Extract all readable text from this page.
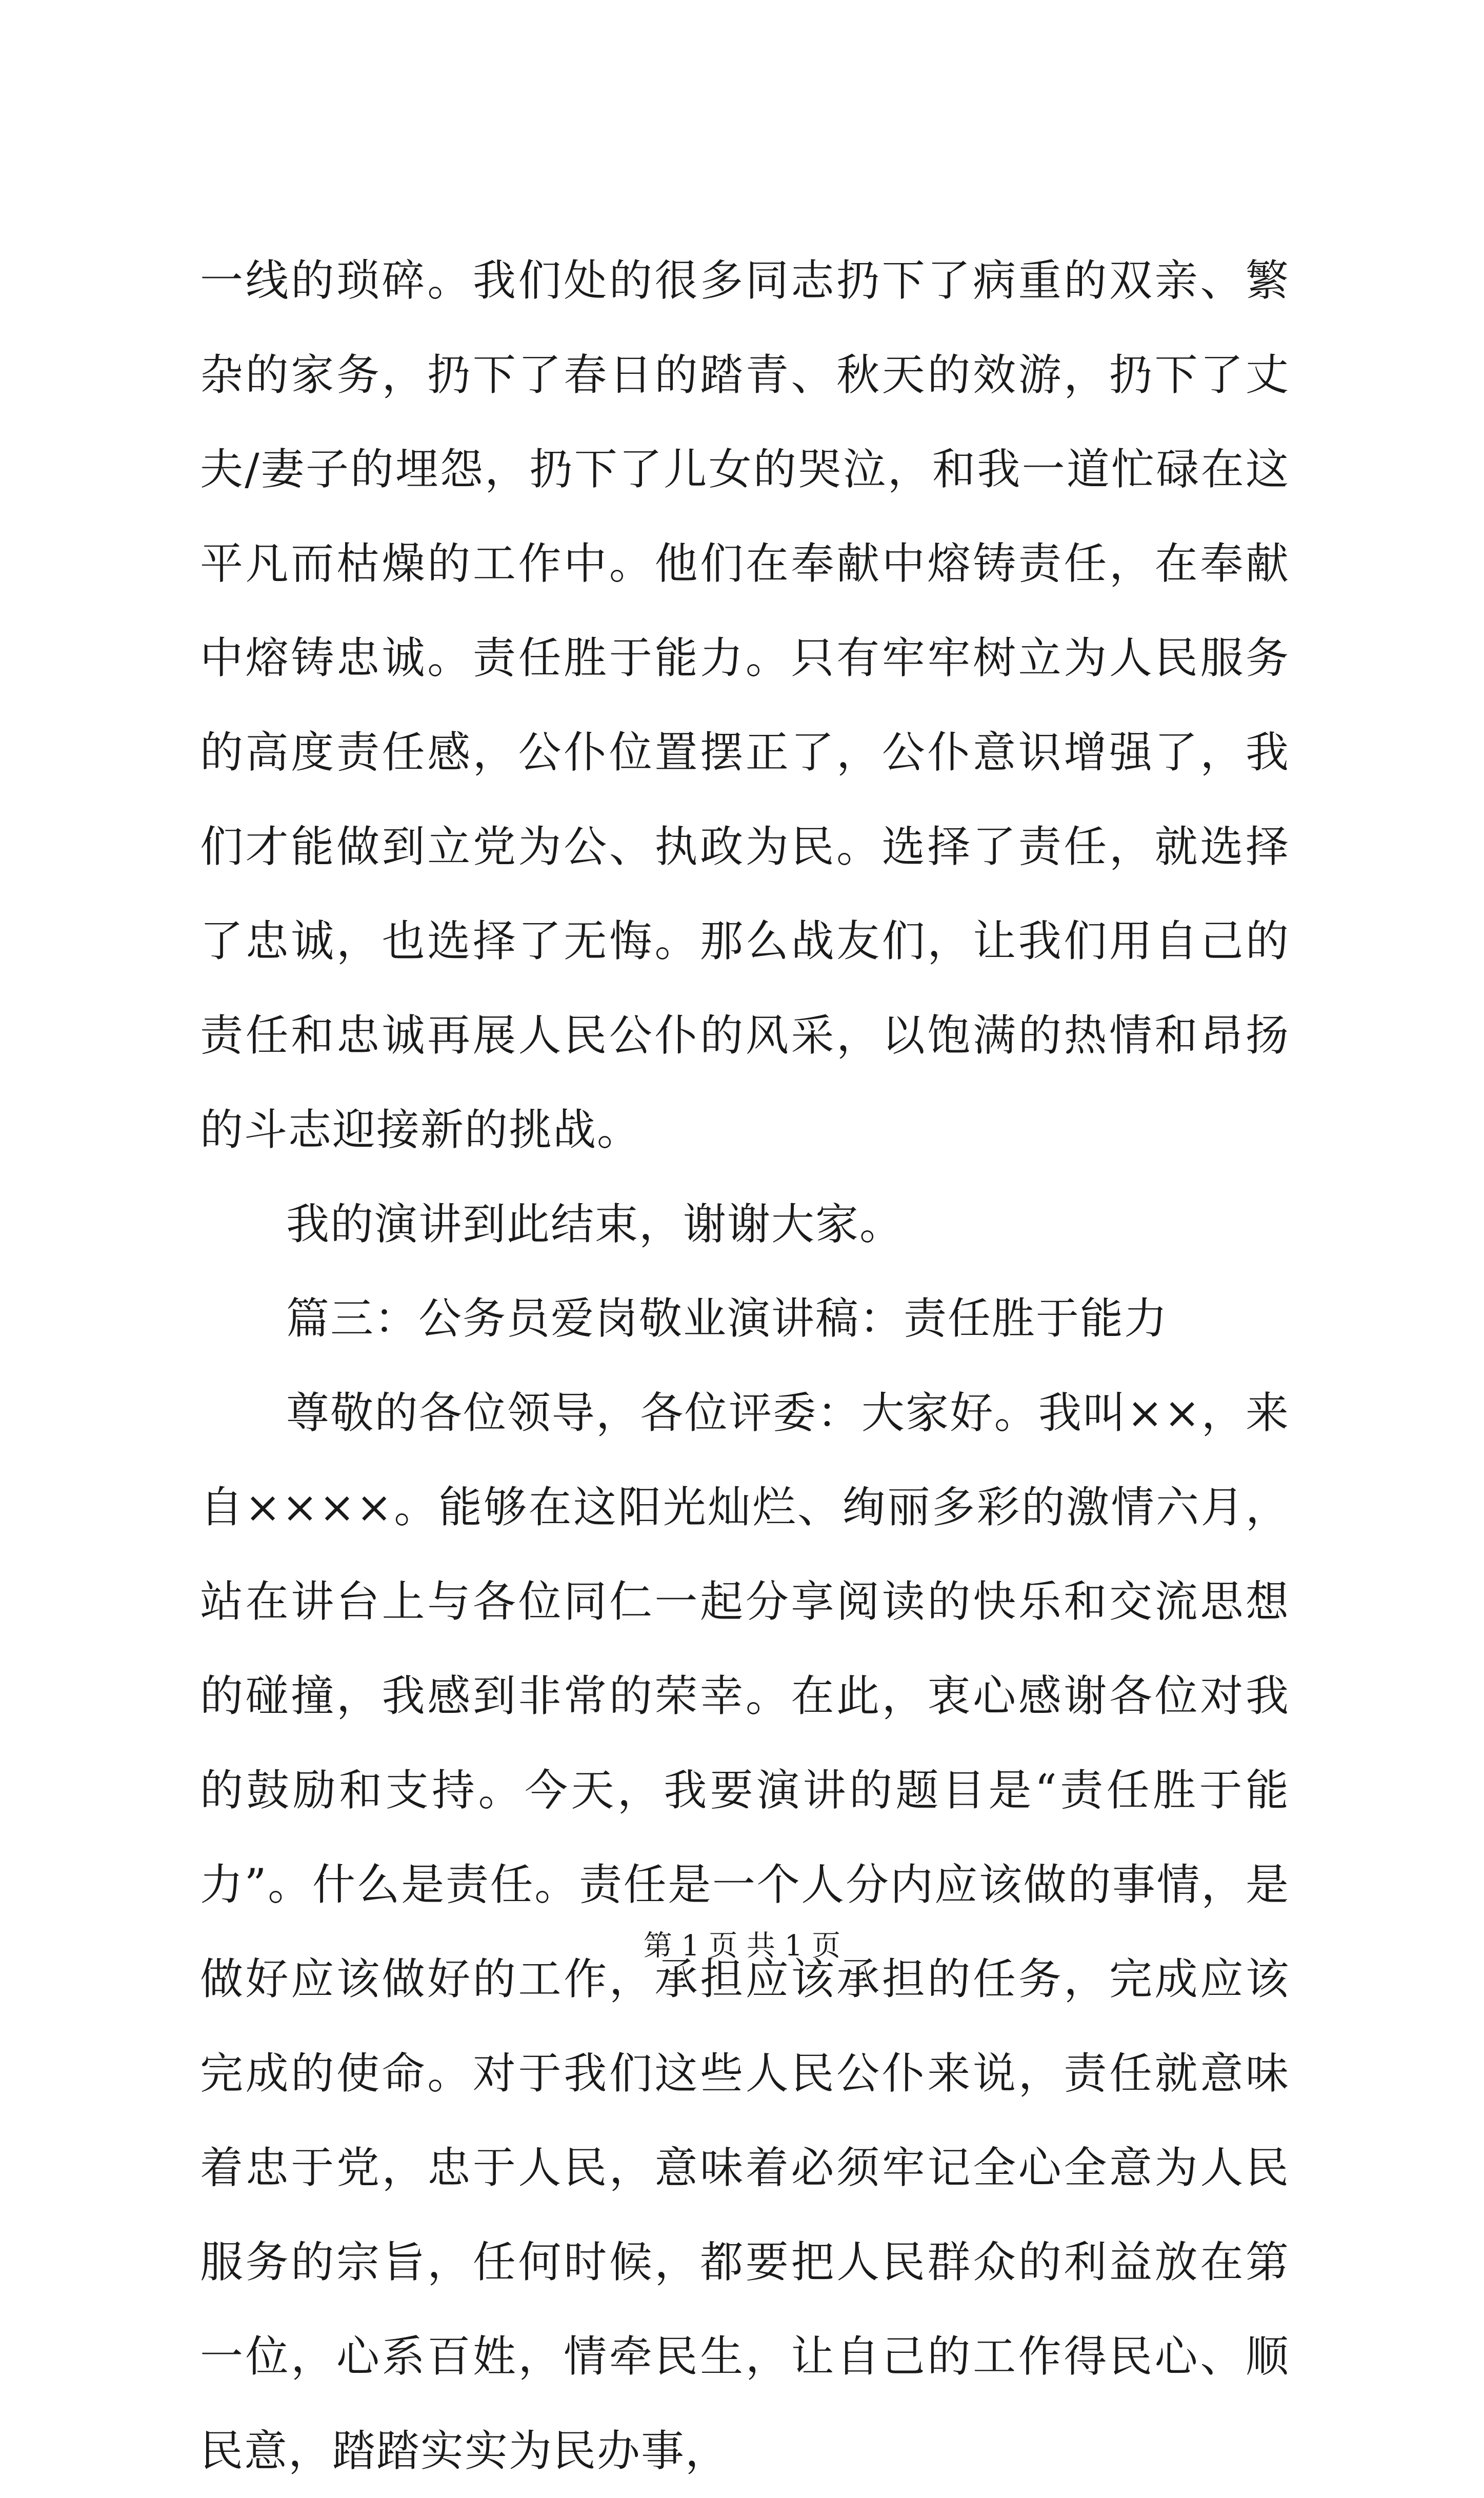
一线的琐碎。我们处的很多同志扔下了病重的双亲、繁杂的家务，扔下了春日的踏青、秋天的效游，扔下了丈夫/妻子的埋怨，扔下了儿女的哭泣，和我一道忙碌在这平凡而枯燥的工作中。他们在奉献中熔铸责任，在奉献中熔铸忠诚。责任胜于能力。只有牢牢树立为人民服务的高度责任感，公仆位置摆正了，公仆意识增强了，我们才能做到立党为公、执政为民。选择了责任，就选择了忠诚，也选择了无悔。那么战友们，让我们用自己的责任和忠诚再展人民公仆的风采，以饱满的热情和昂扬的斗志迎接新的挑战。

我的演讲到此结束，谢谢大家。

篇三：公务员爱岗敬业演讲稿：责任胜于能力

尊敬的各位领导，各位评委：大家好。我叫××，来自××××。能够在这阳光灿烂、绚丽多彩的激情六月，站在讲台上与各位同仁一起分享阅读的快乐和交流思想的碰撞，我感到非常的荣幸。在此，衷心感谢各位对我的鼓励和支持。今天，我要演讲的题目是“责任胜于能力”。什么是责任。责任是一个人分内应该做的事情，是做好应该做好的工作，承担应该承担的任务，完成应该完成的使命。对于我们这些人民公仆来说，责任就意味着忠于党，忠于人民，意味着必须牢记全心全意为人民服务的宗旨，任何时候，都要把人民群众的利益放在第一位，心系百姓，情牵民生，让自己的工作得民心、顺民意，踏踏实实为民办事，

第 1 页 共 1 页
